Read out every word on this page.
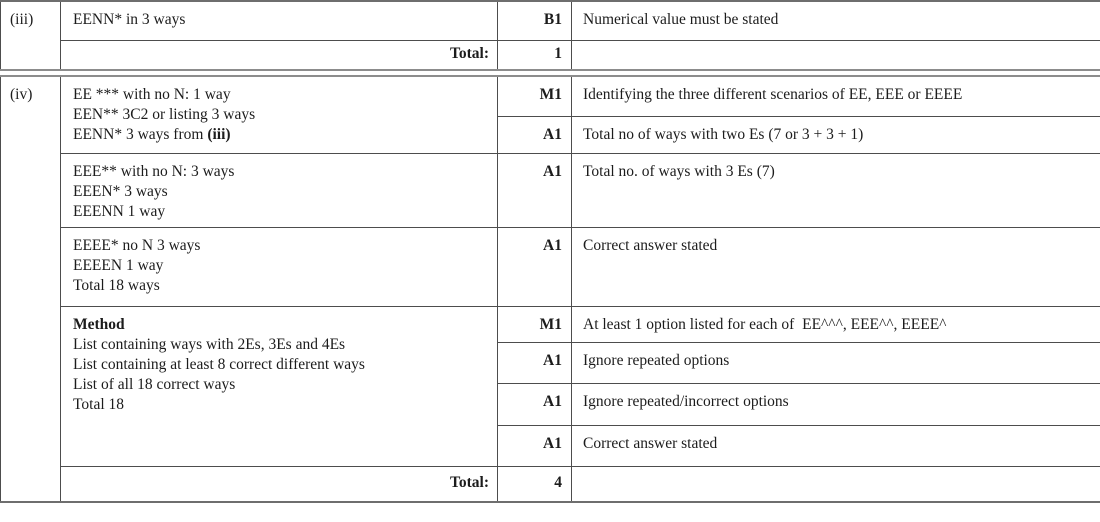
(iii)	EENN* in 3 ways	B1	Numerical value must be stated
	Total:	1	
(iv)	EE *** with no N: 1 way
EEN** 3C2 or listing 3 ways
EENN* 3 ways from (iii)	M1	Identifying the three different scenarios of EE, EEE or EEEE
		A1	Total no of ways with two Es (7 or 3 + 3 + 1)

	EEE** with no N: 3 ways
EEEN* 3 ways
EEENN 1 way	A1	Total no. of ways with 3 Es (7)

	EEEE* no N 3 ways
EEEEN 1 way
Total 18 ways	A1	Correct answer stated

	Method
List containing ways with 2Es, 3Es and 4Es
List containing at least 8 correct different ways
List of all 18 correct ways
Total 18	M1	At least 1 option listed for each of  EE^^^, EEE^^, EEEE^
		A1	Ignore repeated options
		A1	Ignore repeated/incorrect options
		A1	Correct answer stated
	Total:	4	
